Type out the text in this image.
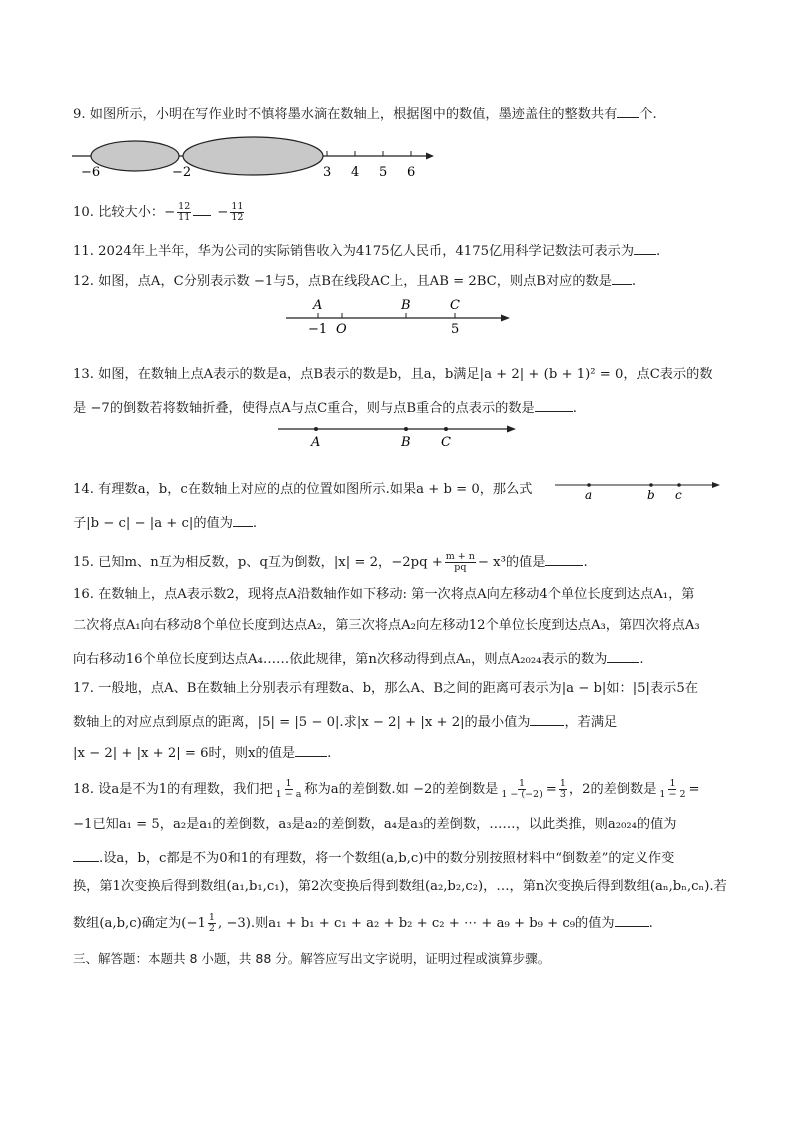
9. 如图所示，小明在写作业时不慎将墨水滴在数轴上，根据图中的数值，墨迹盖住的整数共有 个.
−6	−2	3 4 5 6
10. 比较大小：− $\frac{12}{11} - \frac{11}{12}$
11. 2024年上半年，华为公司的实际销售收入为4175亿人民币，4175亿用科学记数法可表示为 .
12. 如图，点A，C分别表示数 −1与5，点B在线段AC上，且AB = 2BC，则点B对应的数是 .
A	B	C
−1 O	5
13. 如图，在数轴上点A表示的数是a，点B表示的数是b，且a，b满足|a + 2| + (b + 1)² = 0，点C表示的数
是 −7的倒数若将数轴折叠，使得点A与点C重合，则与点B重合的点表示的数是	.
A	B C
14. 有理数a，b，c在数轴上对应的点的位置如图所示.如果a + b = 0，那么式
子|b − c| − |a + c|的值为 .
a	b c
15. 已知m、n互为相反数，p、q互为倒数，|x| = 2，$-2pq + \frac{m + n}{pq} - x^3$的值是	.
16. 在数轴上，点A表示数2，现将点A沿数轴作如下移动: 第一次将点A向左移动4个单位长度到达点A₁，第
二次将点A₁向右移动8个单位长度到达点A₂，第三次将点A₂向左移动12个单位长度到达点A₃，第四次将点A₃
向右移动16个单位长度到达点A₄……依此规律，第n次移动得到点Aₙ，则点A₂₀₂₄表示的数为 .
17. 一般地，点A、B在数轴上分别表示有理数a、b，那么A、B之间的距离可表示为|a − b|如：|5|表示5在
数轴上的对应点到原点的距离，|5| = |5 − 0|.求|x − 2| + |x + 2|的最小值为	，若满足
|x − 2| + |x + 2| = 6时，则x的值是 .
18. 设a是不为1的有理数，我们把 $\frac{1}{1 - a}$ 称为a的差倒数.如 −2的差倒数是 $\frac{1}{1 - (-2)} = \frac{1}{3}$ ，2的差倒数是 $\frac{1}{1 - 2}$ =
−1已知a₁ = 5，a₂是a₁的差倒数，a₃是a₂的差倒数，a₄是a₃的差倒数，……，以此类推，则a₂₀₂₄的值为
.设a，b，c都是不为0和1的有理数，将一个数组(a,b,c)中的数分别按照材料中“倒数差”的定义作变
换，第1次变换后得到数组(a₁,b₁,c₁)，第2次变换后得到数组(a₂,b₂,c₂)，…，第n次变换后得到数组(aₙ,bₙ,cₙ).若
数组(a,b,c)确定为($-1 \frac{1}{2}$ , −3).则a₁ + b₁ + c₁ + a₂ + b₂ + c₂ + ⋯ + a₉ + b₉ + c₉的值为	.
三、解答题：本题共 8 小题，共 88 分。解答应写出文字说明，证明过程或演算步骤。
